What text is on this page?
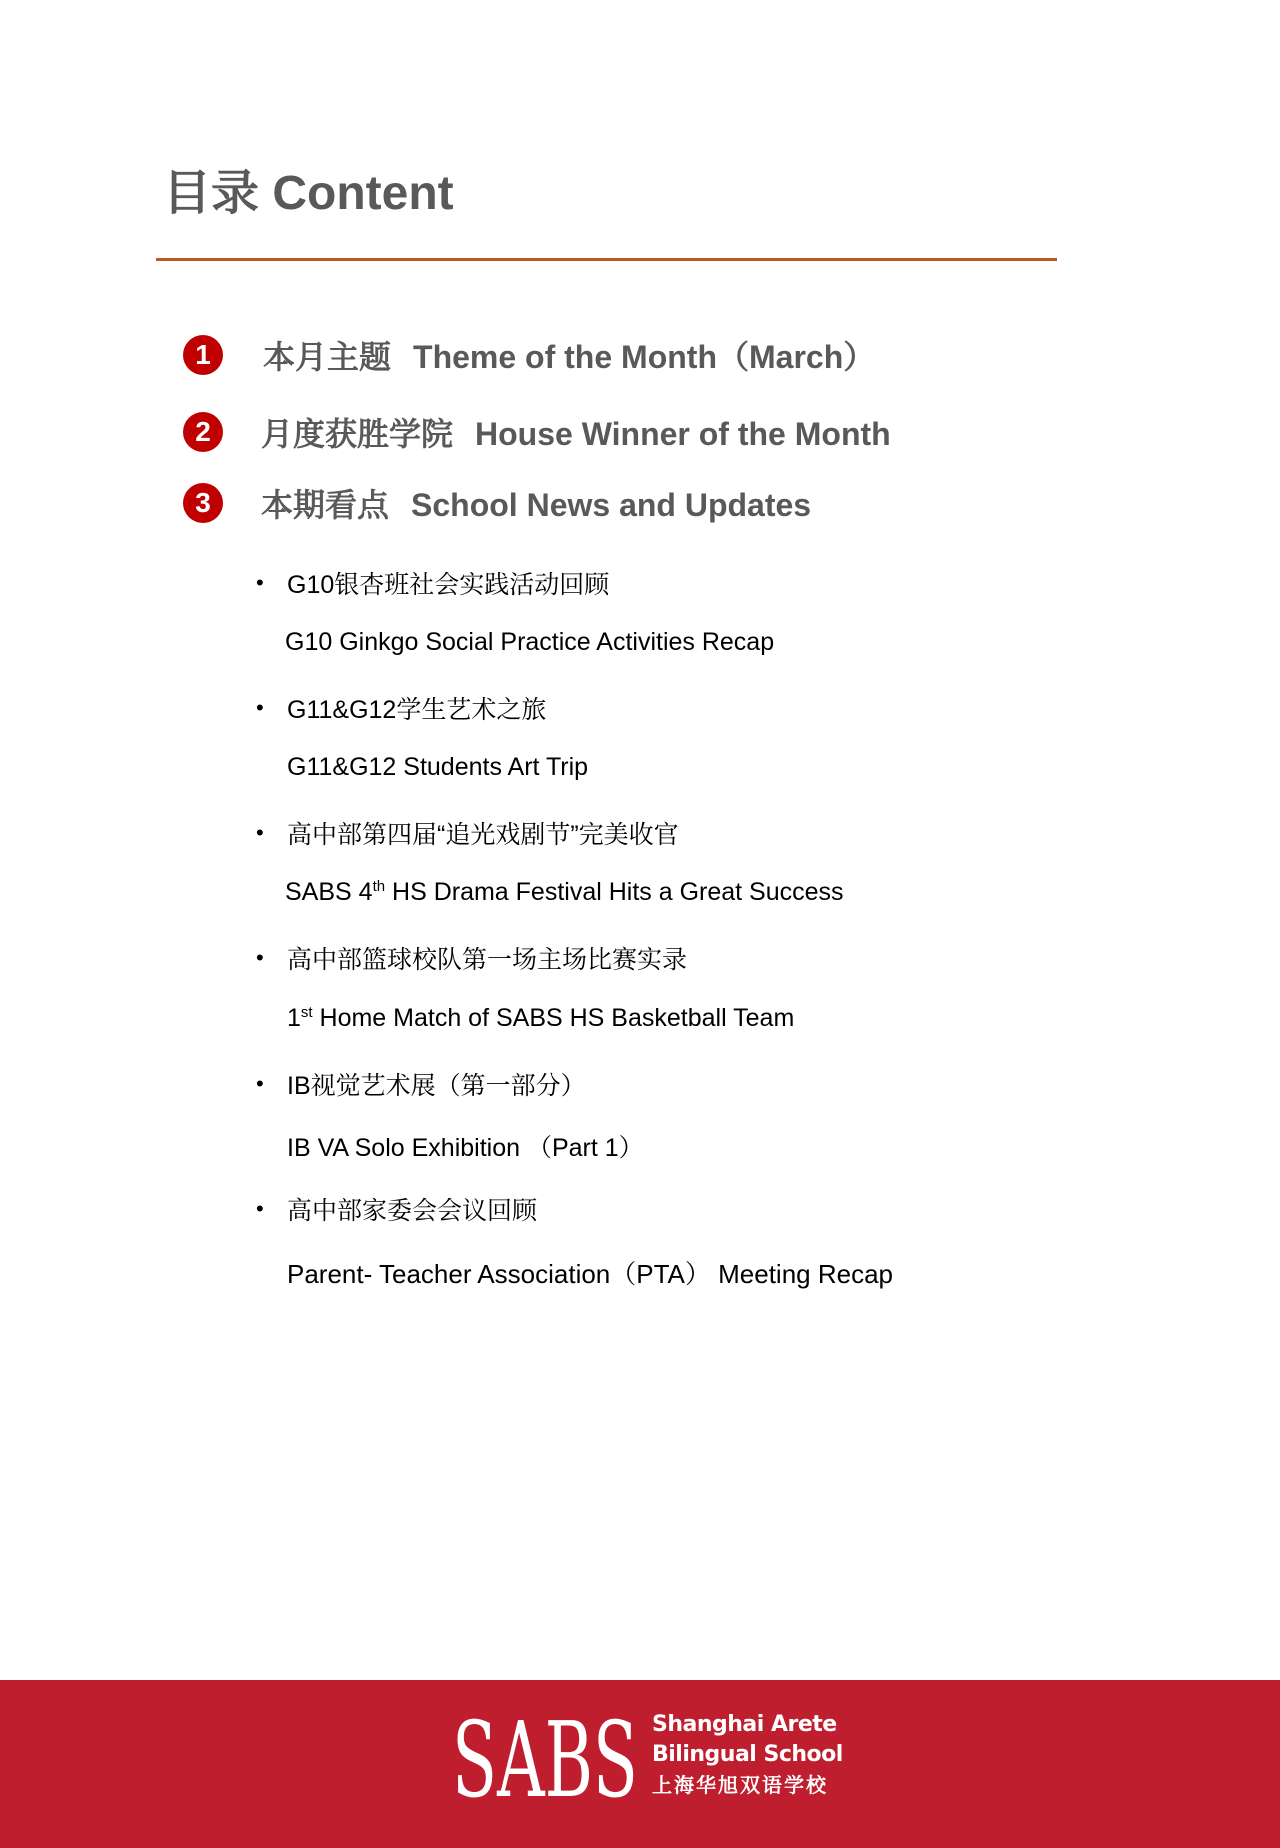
目录 Content
1	本月主题 Theme of the Month（March）
2	月度获胜学院 House Winner of the Month
3	本期看点 School News and Updates
• G10银杏班社会实践活动回顾
G10 Ginkgo Social Practice Activities Recap
• G11&G12学生艺术之旅
G11&G12 Students Art Trip
• 高中部第四届“追光戏剧节”完美收官
SABS 4th HS Drama Festival Hits a Great Success
• 高中部篮球校队第一场主场比赛实录
1st Home Match of SABS HS Basketball Team
• IB视觉艺术展（第一部分）
IB VA Solo Exhibition （Part 1）
• 高中部家委会会议回顾
Parent- Teacher Association（PTA） Meeting Recap
SABS Shanghai Arete
Bilingual School
上海华旭双语学校
